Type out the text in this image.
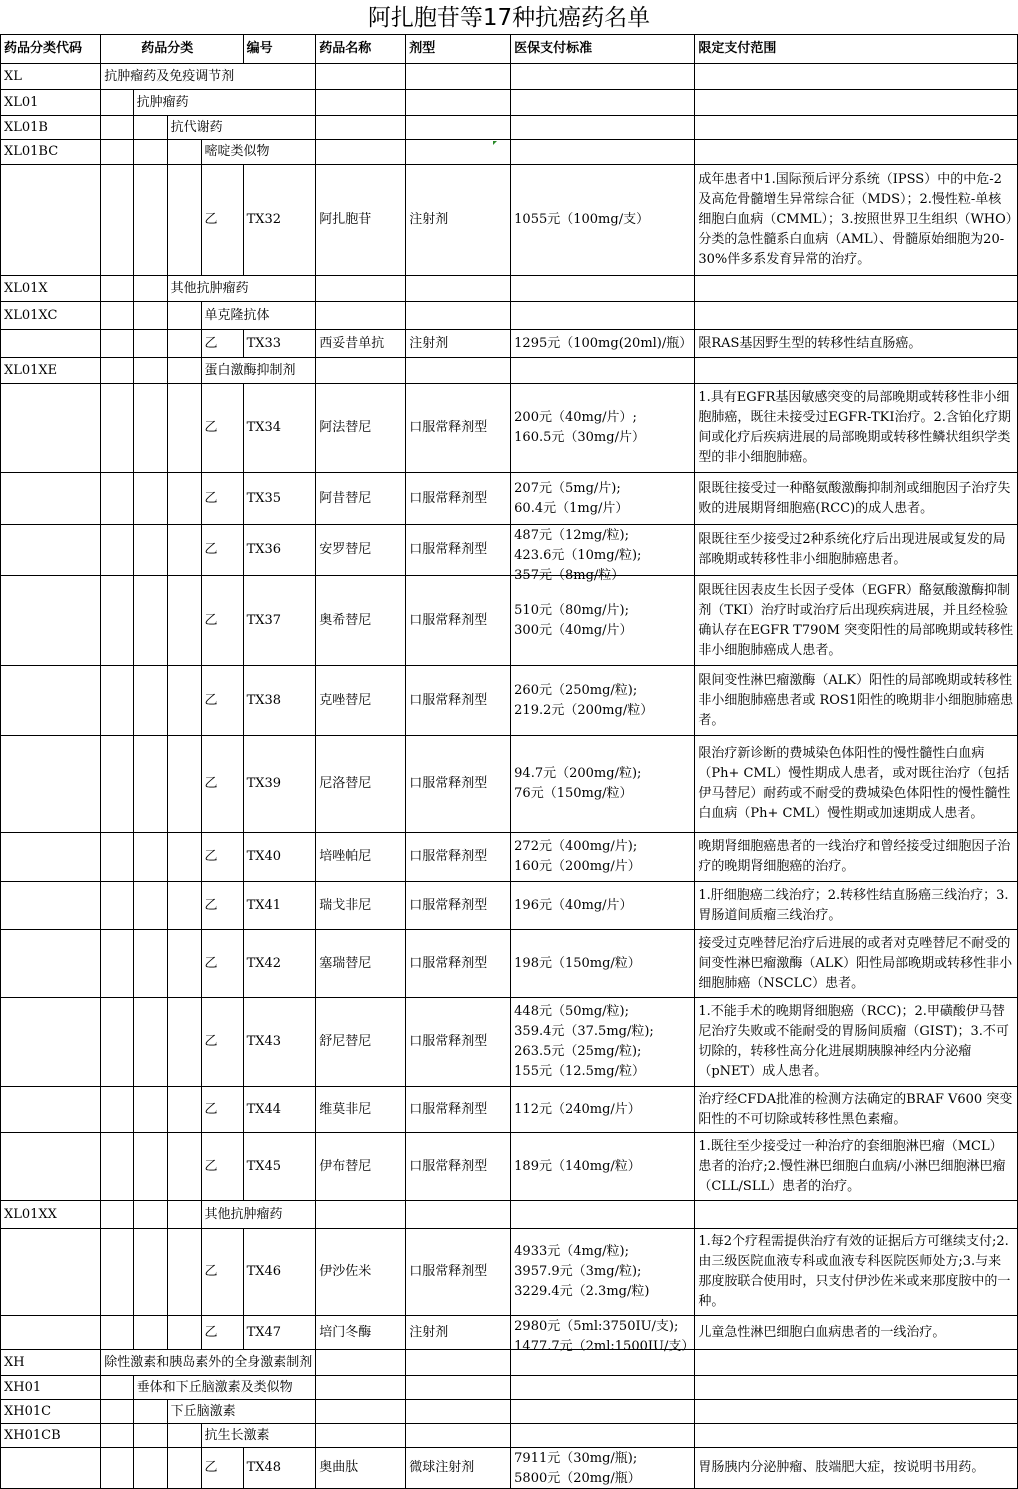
阿扎胞苷等17种抗癌药名单
药品分类代码	药品分类				编号	药品名称	剂型	医保支付标准	限定支付范围
XL	抗肿瘤药及免疫调节剂								
XL01		抗肿瘤药							
XL01B			抗代谢药						
XL01BC				嘧啶类似物					
				乙	TX32	阿扎胞苷	注射剂	1055元（100mg/支）	成年患者中1.国际预后评分系统（IPSS）中的中危-2及高危骨髓增生异常综合征（MDS）；2.慢性粒-单核细胞白血病（CMML）；3.按照世界卫生组织（WHO）分类的急性髓系白血病（AML）、骨髓原始细胞为20-30%伴多系发育异常的治疗。
XL01X			其他抗肿瘤药						
XL01XC				单克隆抗体					
				乙	TX33	西妥昔单抗	注射剂	1295元（100mg(20ml)/瓶）	限RAS基因野生型的转移性结直肠癌。
XL01XE				蛋白激酶抑制剂					
				乙	TX34	阿法替尼	口服常释剂型	200元（40mg/片）;
160.5元（30mg/片）	1.具有EGFR基因敏感突变的局部晚期或转移性非小细胞肺癌，既往未接受过EGFR-TKI治疗。2.含铂化疗期间或化疗后疾病进展的局部晚期或转移性鳞状组织学类型的非小细胞肺癌。
				乙	TX35	阿昔替尼	口服常释剂型	207元（5mg/片);
60.4元（1mg/片）	限既往接受过一种酪氨酸激酶抑制剂或细胞因子治疗失败的进展期肾细胞癌(RCC)的成人患者。
				乙	TX36	安罗替尼	口服常释剂型	487元（12mg/粒);
423.6元（10mg/粒);
357元（8mg/粒）	限既往至少接受过2种系统化疗后出现进展或复发的局部晚期或转移性非小细胞肺癌患者。
				乙	TX37	奥希替尼	口服常释剂型	510元（80mg/片);
300元（40mg/片）	限既往因表皮生长因子受体（EGFR）酪氨酸激酶抑制剂（TKI）治疗时或治疗后出现疾病进展，并且经检验确认存在EGFR T790M 突变阳性的局部晚期或转移性非小细胞肺癌成人患者。
				乙	TX38	克唑替尼	口服常释剂型	260元（250mg/粒);
219.2元（200mg/粒）	限间变性淋巴瘤激酶（ALK）阳性的局部晚期或转移性非小细胞肺癌患者或 ROS1阳性的晚期非小细胞肺癌患者。
				乙	TX39	尼洛替尼	口服常释剂型	94.7元（200mg/粒);
76元（150mg/粒）	限治疗新诊断的费城染色体阳性的慢性髓性白血病（Ph+ CML）慢性期成人患者，或对既往治疗（包括伊马替尼）耐药或不耐受的费城染色体阳性的慢性髓性白血病（Ph+ CML）慢性期或加速期成人患者。
				乙	TX40	培唑帕尼	口服常释剂型	272元（400mg/片);
160元（200mg/片）	晚期肾细胞癌患者的一线治疗和曾经接受过细胞因子治疗的晚期肾细胞癌的治疗。
				乙	TX41	瑞戈非尼	口服常释剂型	196元（40mg/片）	1.肝细胞癌二线治疗；2.转移性结直肠癌三线治疗；3.胃肠道间质瘤三线治疗。
				乙	TX42	塞瑞替尼	口服常释剂型	198元（150mg/粒）	接受过克唑替尼治疗后进展的或者对克唑替尼不耐受的间变性淋巴瘤激酶（ALK）阳性局部晚期或转移性非小细胞肺癌（NSCLC）患者。
				乙	TX43	舒尼替尼	口服常释剂型	448元（50mg/粒);
359.4元（37.5mg/粒);
263.5元（25mg/粒);
155元（12.5mg/粒）	1.不能手术的晚期肾细胞癌（RCC)；2.甲磺酸伊马替尼治疗失败或不能耐受的胃肠间质瘤（GIST)；3.不可切除的，转移性高分化进展期胰腺神经内分泌瘤（pNET）成人患者。
				乙	TX44	维莫非尼	口服常释剂型	112元（240mg/片）	治疗经CFDA批准的检测方法确定的BRAF V600 突变阳性的不可切除或转移性黑色素瘤。
				乙	TX45	伊布替尼	口服常释剂型	189元（140mg/粒）	1.既往至少接受过一种治疗的套细胞淋巴瘤（MCL）患者的治疗;2.慢性淋巴细胞白血病/小淋巴细胞淋巴瘤（CLL/SLL）患者的治疗。
XL01XX				其他抗肿瘤药					
				乙	TX46	伊沙佐米	口服常释剂型	4933元（4mg/粒);
3957.9元（3mg/粒);
3229.4元（2.3mg/粒)	1.每2个疗程需提供治疗有效的证据后方可继续支付;2.由三级医院血液专科或血液专科医院医师处方;3.与来那度胺联合使用时，只支付伊沙佐米或来那度胺中的一种。
				乙	TX47	培门冬酶	注射剂	2980元（5ml:3750IU/支);
1477.7元（2ml:1500IU/支）	儿童急性淋巴细胞白血病患者的一线治疗。
XH	除性激素和胰岛素外的全身激素制剂								
XH01		垂体和下丘脑激素及类似物							
XH01C			下丘脑激素						
XH01CB				抗生长激素					
				乙	TX48	奥曲肽	微球注射剂	7911元（30mg/瓶);
5800元（20mg/瓶）	胃肠胰内分泌肿瘤、肢端肥大症，按说明书用药。
